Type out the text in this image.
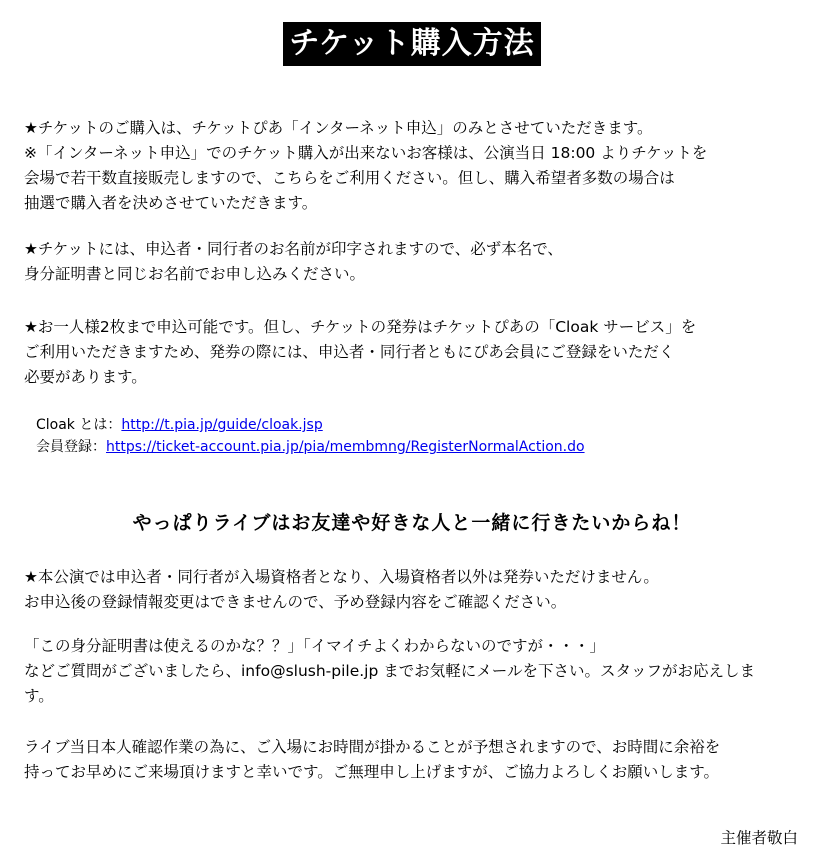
チケット購入方法
★チケットのご購入は、チケットぴあ「インターネット申込」のみとさせていただきます。
※「インターネット申込」でのチケット購入が出来ないお客様は、公演当日 18:00 よりチケットを
会場で若干数直接販売しますので、こちらをご利用ください。但し、購入希望者多数の場合は
抽選で購入者を決めさせていただきます。
★チケットには、申込者・同行者のお名前が印字されますので、必ず本名で、
身分証明書と同じお名前でお申し込みください。
★お一人様2枚まで申込可能です。但し、チケットの発券はチケットぴあの「Cloak サービス」を
ご利用いただきますため、発券の際には、申込者・同行者ともにぴあ会員にご登録をいただく
必要があります。
Cloak とは：http://t.pia.jp/guide/cloak.jsp
会員登録：https://ticket-account.pia.jp/pia/membmng/RegisterNormalAction.do
やっぱりライブはお友達や好きな人と一緒に行きたいからね！
★本公演では申込者・同行者が入場資格者となり、入場資格者以外は発券いただけません。
お申込後の登録情報変更はできませんので、予め登録内容をご確認ください。
「この身分証明書は使えるのかな？？」「イマイチよくわからないのですが・・・」
などご質問がございましたら、info@slush-pile.jp までお気軽にメールを下さい。スタッフがお応えしま
す。
ライブ当日本人確認作業の為に、ご入場にお時間が掛かることが予想されますので、お時間に余裕を
持ってお早めにご来場頂けますと幸いです。ご無理申し上げますが、ご協力よろしくお願いします。
主催者敬白
